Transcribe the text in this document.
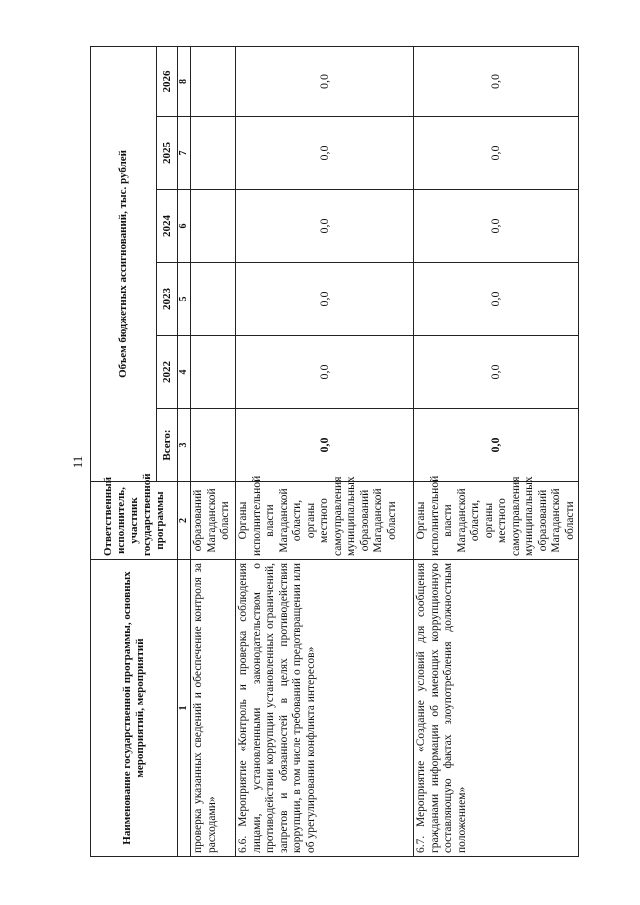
11
Наименование государственной программы, основных мероприятий, мероприятий	Ответственный исполнитель, участник государственной программы	Объем бюджетных ассигнований, тыс. рублей					
		Всего:	2022	2023	2024	2025	2026
1	2	3	4	5	6	7	8
проверка указанных сведений и обеспечение контроля за расходами»	образований Магаданской области						
6.6. Мероприятие «Контроль и проверка соблюдения лицами, установленными законодательством о противодействии коррупции установленных ограничений, запретов и обязанностей в целях противодействия коррупции, в том числе требований о предотвращении или об урегулировании конфликта интересов»	Органы исполнительной власти Магаданской области, органы местного самоуправления муниципальных образований Магаданской области	0,0	0,0	0,0	0,0	0,0	0,0
6.7. Мероприятие «Создание условий для сообщения гражданами информации об имеющих коррупционную составляющую фактах злоупотребления должностным положением»	Органы исполнительной власти Магаданской области, органы местного самоуправления муниципальных образований Магаданской области	0,0	0,0	0,0	0,0	0,0	0,0
